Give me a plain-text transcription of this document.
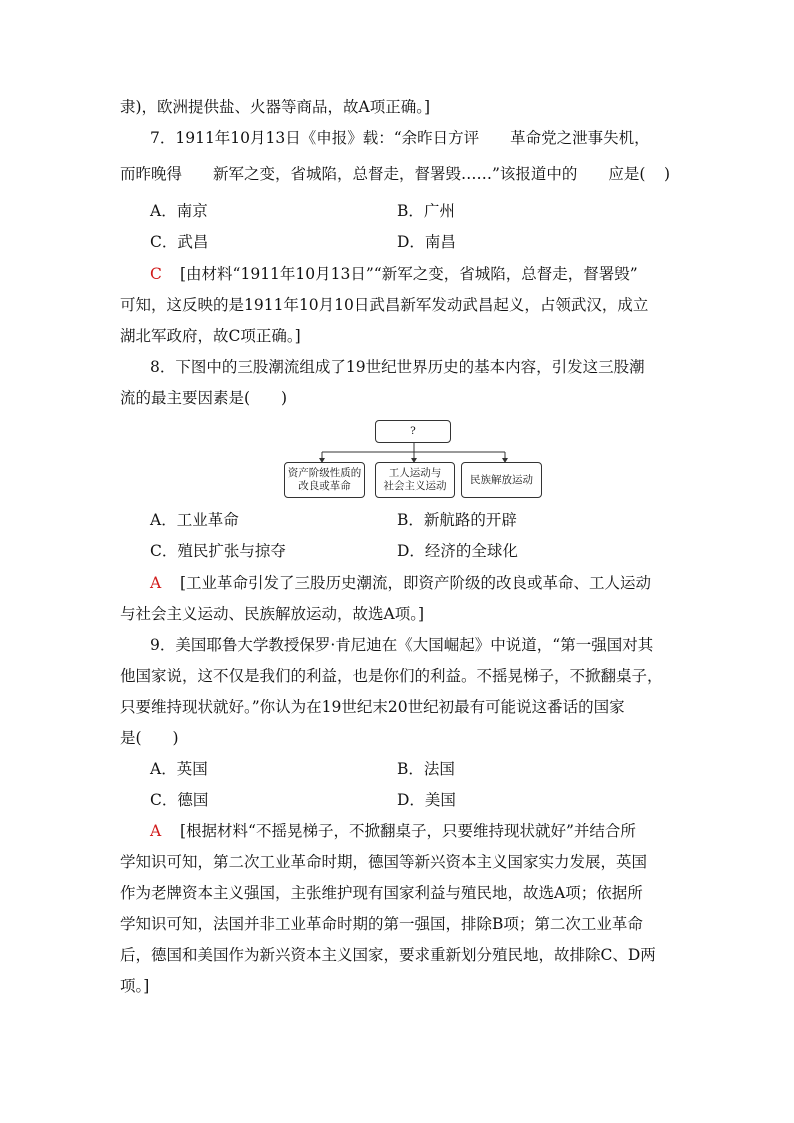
隶)，欧洲提供盐、火器等商品，故A项正确。]
7．1911年10月13日《申报》载：“余昨日方评　　革命党之泄事失机，
而昨晚得　　新军之变，省城陷，总督走，督署毁……”该报道中的　　应是( )
A．南京	B．广州
C．武昌	D．南昌
C [由材料“1911年10月13日”“新军之变，省城陷，总督走，督署毁”
可知，这反映的是1911年10月10日武昌新军发动武昌起义，占领武汉，成立
湖北军政府，故C项正确。]
8．下图中的三股潮流组成了19世纪世界历史的基本内容，引发这三股潮
流的最主要因素是(　　)
?
资产阶级性质的
改良或革命
工人运动与
社会主义运动
民族解放运动
A．工业革命	B．新航路的开辟
C．殖民扩张与掠夺	D．经济的全球化
A [工业革命引发了三股历史潮流，即资产阶级的改良或革命、工人运动
与社会主义运动、民族解放运动，故选A项。]
9．美国耶鲁大学教授保罗·肯尼迪在《大国崛起》中说道，“第一强国对其
他国家说，这不仅是我们的利益，也是你们的利益。不摇晃梯子，不掀翻桌子，
只要维持现状就好。”你认为在19世纪末20世纪初最有可能说这番话的国家
是(　　)
A．英国	B．法国
C．德国	D．美国
A [根据材料“不摇晃梯子，不掀翻桌子，只要维持现状就好”并结合所
学知识可知，第二次工业革命时期，德国等新兴资本主义国家实力发展，英国
作为老牌资本主义强国，主张维护现有国家利益与殖民地，故选A项；依据所
学知识可知，法国并非工业革命时期的第一强国，排除B项；第二次工业革命
后，德国和美国作为新兴资本主义国家，要求重新划分殖民地，故排除C、D两
项。]
